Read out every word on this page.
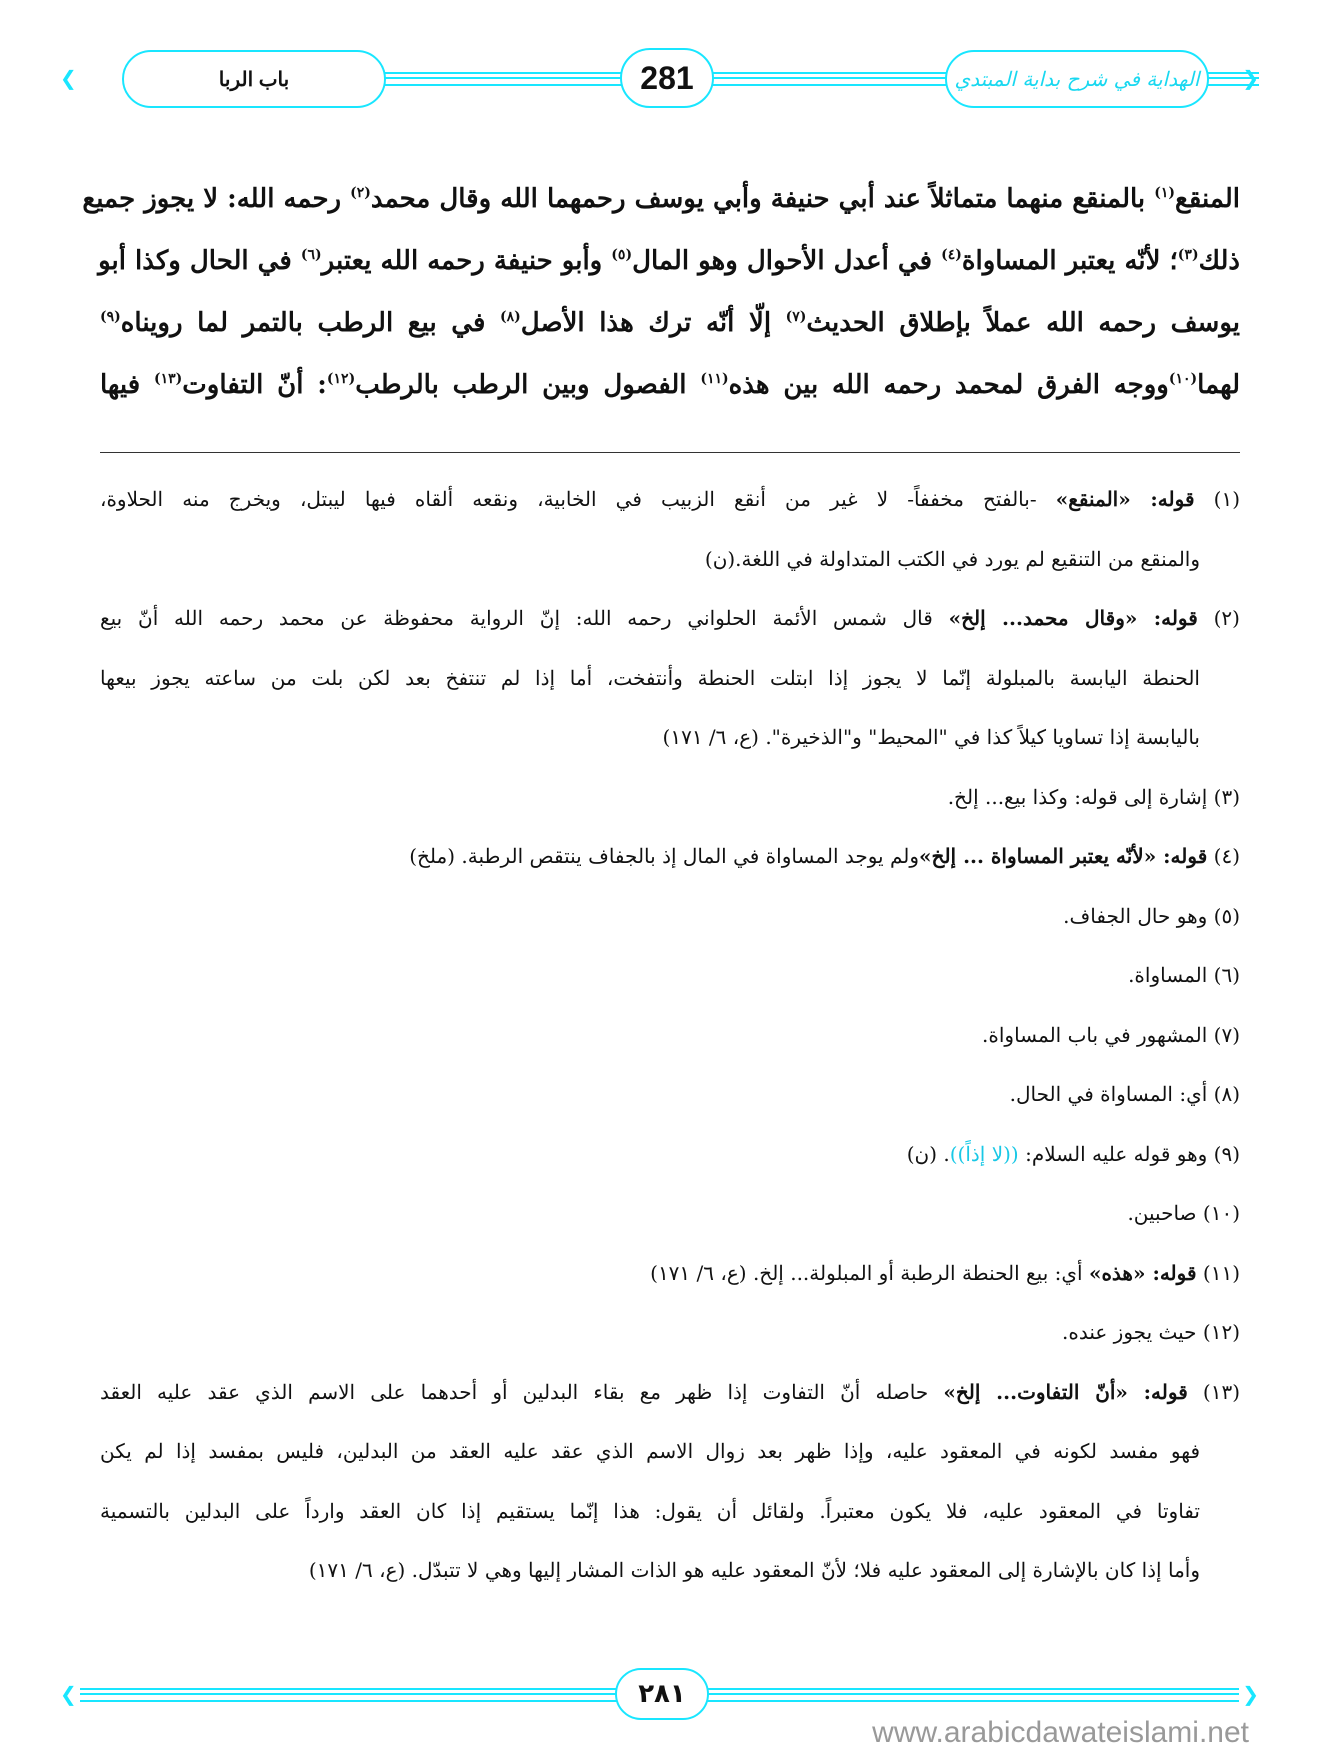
❮	باب الربا	281	الهداية في شرح بداية المبتدي ❯
المنقع$^{(١)}$ بالمنقع منهما متماثلاً عند أبي حنيفة وأبي يوسف رحمهما الله وقال محمد$^{(٢)}$ رحمه الله: لا يجوز جميع
ذلك$^{(٣)}$؛ لأنّه يعتبر المساواة$^{(٤)}$ في أعدل الأحوال وهو المال$^{(٥)}$ وأبو حنيفة رحمه الله يعتبر$^{(٦)}$ في الحال وكذا أبو
يوسف رحمه الله عملاً بإطلاق الحديث$^{(٧)}$ إلّا أنّه ترك هذا الأصل$^{(٨)}$ في بيع الرطب بالتمر لما رويناه$^{(٩)}$
لهما$^{(١٠)}$ووجه الفرق لمحمد رحمه الله بين هذه$^{(١١)}$ الفصول وبين الرطب بالرطب$^{(١٢)}$: أنّ التفاوت$^{(١٣)}$ فيها
(١) قوله: «المنقع» -بالفتح مخففاً- لا غير من أنقع الزبيب في الخابية، ونقعه ألقاه فيها ليبتل، ويخرج منه الحلاوة،
والمنقع من التنقيع لم يورد في الكتب المتداولة في اللغة.(ن)
(٢) قوله: «وقال محمد... إلخ» قال شمس الأئمة الحلواني رحمه الله: إنّ الرواية محفوظة عن محمد رحمه الله أنّ بيع
الحنطة اليابسة بالمبلولة إنّما لا يجوز إذا ابتلت الحنطة وأنتفخت، أما إذا لم تنتفخ بعد لكن بلت من ساعته يجوز بيعها
باليابسة إذا تساويا كيلاً كذا في "المحيط" و"الذخيرة". (ع، ٦/ ١٧١)
(٣) إشارة إلى قوله: وكذا بيع... إلخ.
(٤) قوله: «لأنّه يعتبر المساواة ... إلخ»ولم يوجد المساواة في المال إذ بالجفاف ينتقص الرطبة. (ملخ)
(٥) وهو حال الجفاف.
(٦) المساواة.
(٧) المشهور في باب المساواة.
(٨) أي: المساواة في الحال.
(٩) وهو قوله عليه السلام: ((لا إذاً)). (ن)
(١٠) صاحبين.
(١١) قوله: «هذه» أي: بيع الحنطة الرطبة أو المبلولة... إلخ. (ع، ٦/ ١٧١)
(١٢) حيث يجوز عنده.
(١٣) قوله: «أنّ التفاوت... إلخ» حاصله أنّ التفاوت إذا ظهر مع بقاء البدلين أو أحدهما على الاسم الذي عقد عليه العقد
فهو مفسد لكونه في المعقود عليه، وإذا ظهر بعد زوال الاسم الذي عقد عليه العقد من البدلين، فليس بمفسد إذا لم يكن
تفاوتا في المعقود عليه، فلا يكون معتبراً. ولقائل أن يقول: هذا إنّما يستقيم إذا كان العقد وارداً على البدلين بالتسمية
وأما إذا كان بالإشارة إلى المعقود عليه فلا؛ لأنّ المعقود عليه هو الذات المشار إليها وهي لا تتبدّل. (ع، ٦/ ١٧١)
❮	٢٨١	❯
www.arabicdawateislami.net
